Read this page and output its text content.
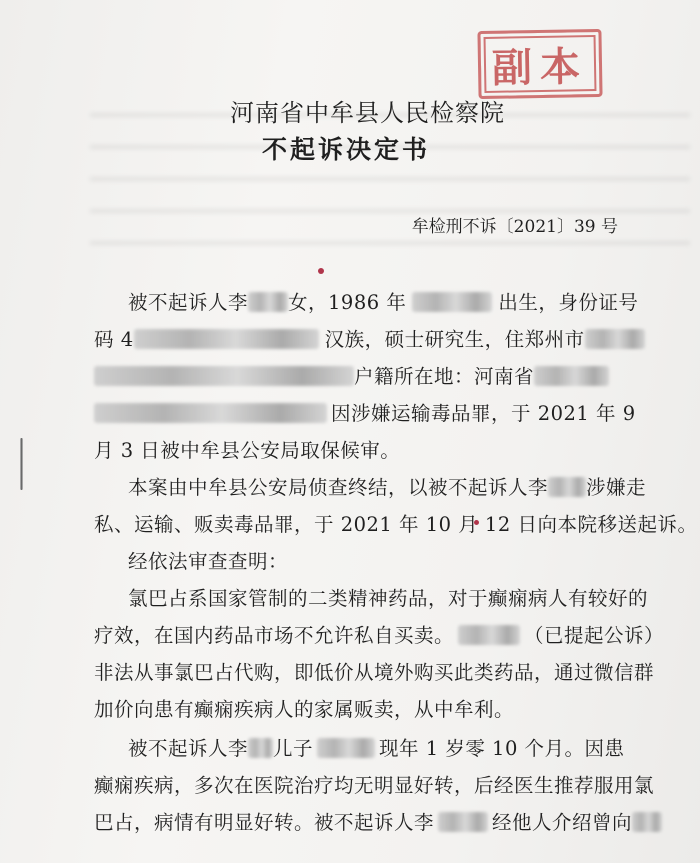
副本
河南省中牟县人民检察院
不起诉决定书
牟检刑不诉〔2021〕39 号
被不起诉人李 女，1986 年	出生，身份证号
码 4	汉族，硕士研究生，住郑州市
户籍所在地：河南省
因涉嫌运输毒品罪，于 2021 年 9
月 3 日被中牟县公安局取保候审。
本案由中牟县公安局侦查终结，以被不起诉人李 涉嫌走
私、运输、贩卖毒品罪，于 2021 年 10 月 12 日向本院移送起诉。
经依法审查查明：
氯巴占系国家管制的二类精神药品，对于癫痫病人有较好的
疗效，在国内药品市场不允许私自买卖。	（已提起公诉）
非法从事氯巴占代购，即低价从境外购买此类药品，通过微信群
加价向患有癫痫疾病人的家属贩卖，从中牟利。
被不起诉人李 儿子	现年 1 岁零 10 个月。因患
癫痫疾病，多次在医院治疗均无明显好转，后经医生推荐服用氯
巴占，病情有明显好转。被不起诉人李	经他人介绍曾向
